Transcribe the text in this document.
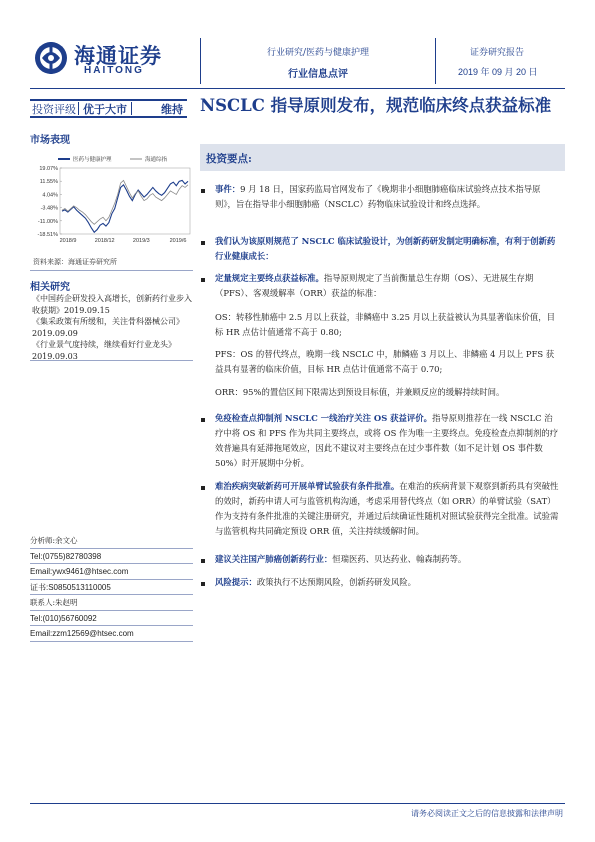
海通证券
HAITONG
行业研究/医药与健康护理
行业信息点评
证券研究报告
2019 年 09 月 20 日
投资评级 优于大市	维持
市场表现
19.07%
11.55%
4.04%
-3.48%
-11.00%
-18.51%
2018/9	2018/12	2019/3	2019/6
医药与健康护理	海通综指
资料来源：海通证券研究所
相关研究

《中国药企研发投入高增长，创新药行业步入收获期》2019.09.15

《集采政策有所缓和，关注骨科器械公司》2019.09.09

《行业景气度持续，继续看好行业龙头》2019.09.03

分析师:余文心
Tel:(0755)82780398
Email:ywx9461@htsec.com
证书:S0850513110005
联系人:朱赵明
Tel:(010)56760092
Email:zzm12569@htsec.com
NSCLC 指导原则发布，规范临床终点获益标准
投资要点:
事件：9 月 18 日，国家药监局官网发布了《晚期非小细胞肺癌临床试验终点技术指导原则》，旨在指导非小细胞肺癌（NSCLC）药物临床试验设计和终点选择。
我们认为该原则规范了 NSCLC 临床试验设计，为创新药研发制定明确标准，有利于创新药行业健康成长：
定量规定主要终点获益标准。指导原则规定了当前衡量总生存期（OS）、无进展生存期（PFS）、客观缓解率（ORR）获益的标准：
OS：转移性肺癌中 2.5 月以上获益，非鳞癌中 3.25 月以上获益被认为具显著临床价值，目标 HR 点估计值通常不高于 0.80;
PFS：OS 的替代终点，晚期一线 NSCLC 中，肺鳞癌 3 月以上、非鳞癌 4 月以上 PFS 获益具有显著的临床价值，目标 HR 点估计值通常不高于 0.70;
ORR：95%的置信区间下限需达到预设目标值，并兼顾反应的缓解持续时间。
免疫检查点抑制剂 NSCLC 一线治疗关注 OS 获益评价。指导原则推荐在一线 NSCLC 治疗中将 OS 和 PFS 作为共同主要终点，或将 OS 作为唯一主要终点。免疫检查点抑制剂的疗效普遍具有延滞拖尾效应，因此不建议对主要终点在过少事件数（如不足计划 OS 事件数 50%）时开展期中分析。
难治疾病突破新药可开展单臂试验获有条件批准。在难治的疾病背景下观察到新药具有突破性的效时，新药申请人可与监管机构沟通，考虑采用替代终点（如 ORR）的单臂试验（SAT）作为支持有条件批准的关键注册研究，并通过后续确证性随机对照试验获得完全批准。试验需与监管机构共同确定预设 ORR 值，关注持续缓解时间。
建议关注国产肺癌创新药行业：恒瑞医药、贝达药业、翰森制药等。
风险提示：政策执行不达预期风险，创新药研发风险。
请务必阅读正文之后的信息披露和法律声明
